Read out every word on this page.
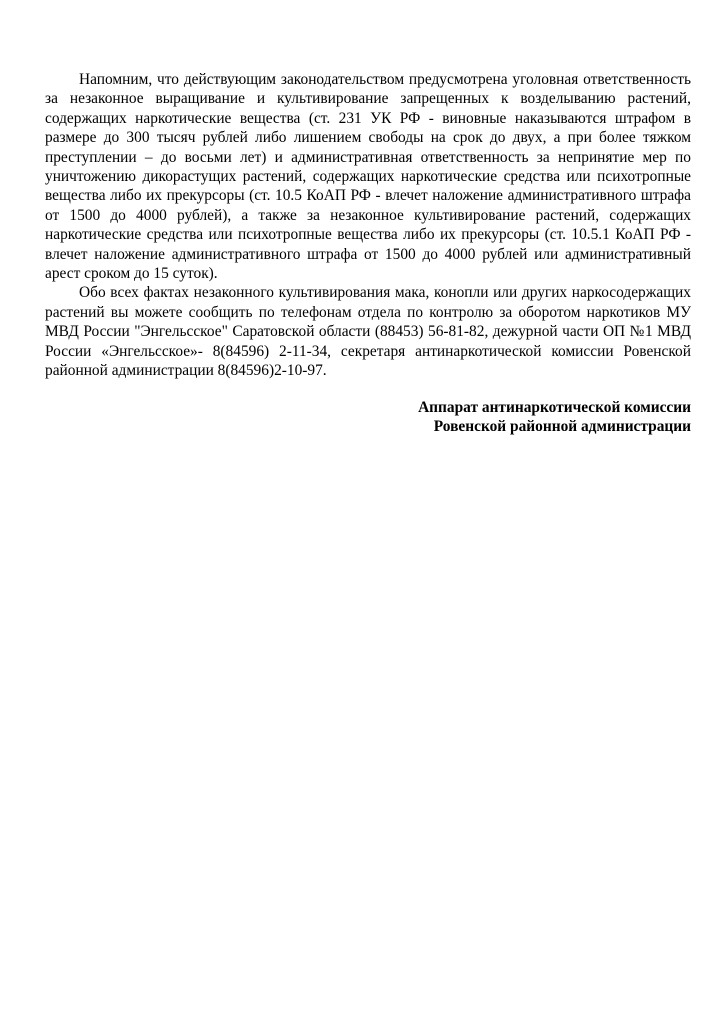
Напомним, что действующим законодательством предусмотрена уголовная ответственность за незаконное выращивание и культивирование запрещенных к возделыванию растений, содержащих наркотические вещества (ст. 231 УК РФ - виновные наказываются штрафом в размере до 300 тысяч рублей либо лишением свободы на срок до двух, а при более тяжком преступлении – до восьми лет) и административная ответственность за непринятие мер по уничтожению дикорастущих растений, содержащих наркотические средства или психотропные вещества либо их прекурсоры (ст. 10.5 КоАП РФ - влечет наложение административного штрафа от 1500 до 4000 рублей), а также за незаконное культивирование растений, содержащих наркотические средства или психотропные вещества либо их прекурсоры (ст. 10.5.1 КоАП РФ - влечет наложение административного штрафа от 1500 до 4000 рублей или административный арест сроком до 15 суток).

Обо всех фактах незаконного культивирования мака, конопли или других наркосодержащих растений вы можете сообщить по телефонам отдела по контролю за оборотом наркотиков МУ МВД России "Энгельсское" Саратовской области (88453) 56-81-82, дежурной части ОП №1 МВД России «Энгельсское»- 8(84596) 2-11-34, секретаря антинаркотической комиссии Ровенской районной администрации 8(84596)2-10-97.

Аппарат антинаркотической комиссии
Ровенской районной администрации
